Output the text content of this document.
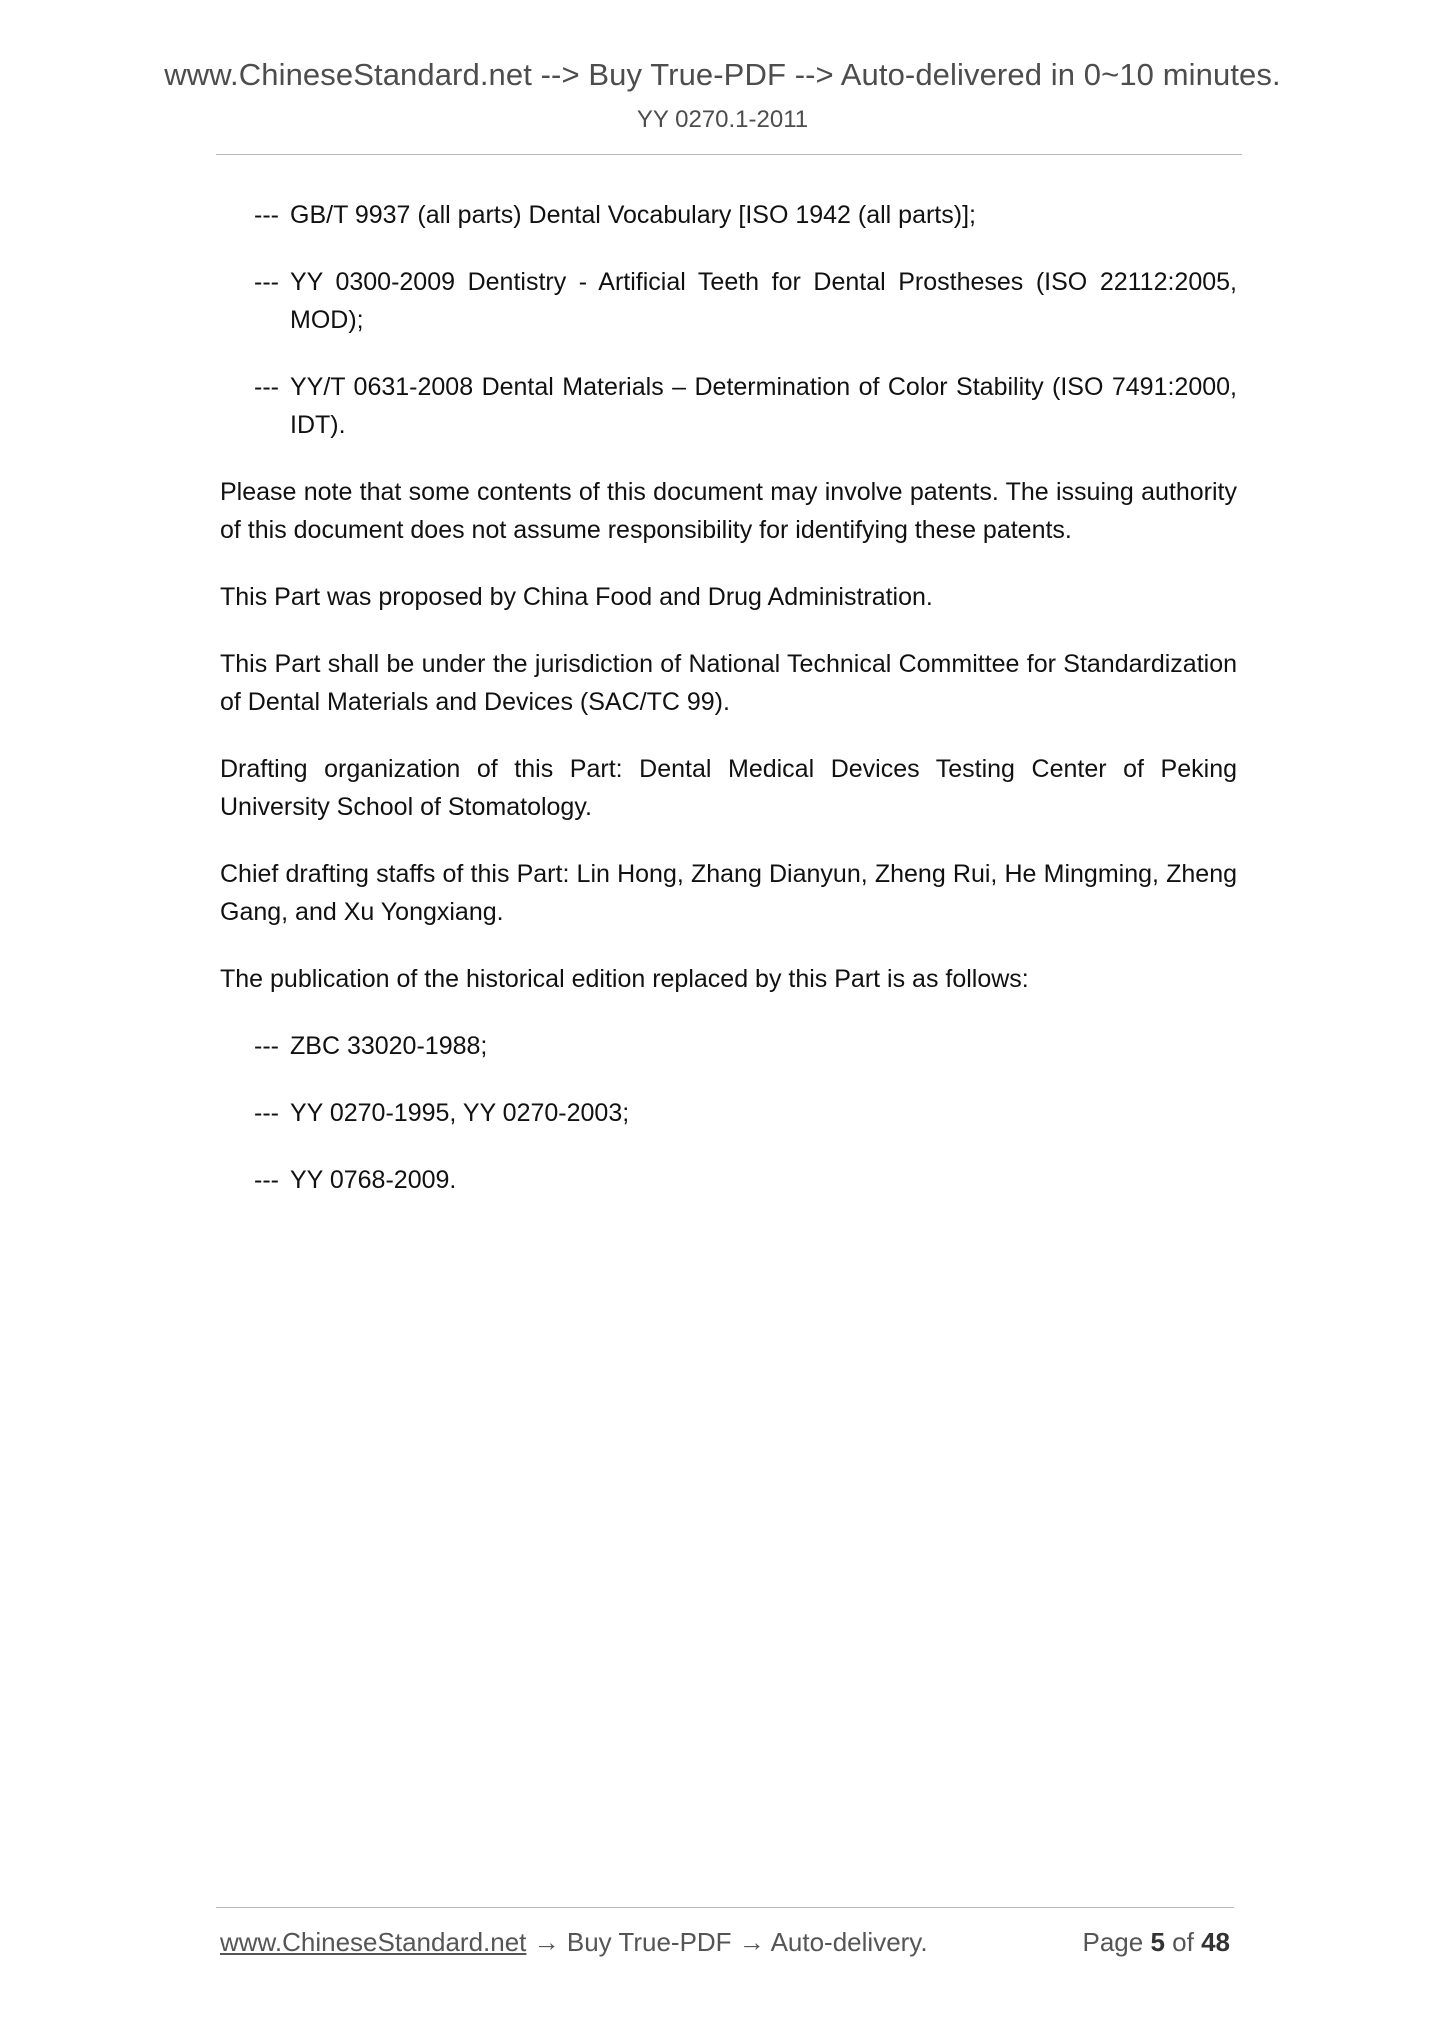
www.ChineseStandard.net --> Buy True-PDF --> Auto-delivered in 0~10 minutes.
YY 0270.1-2011
--- GB/T 9937 (all parts) Dental Vocabulary [ISO 1942 (all parts)];
--- YY 0300-2009 Dentistry - Artificial Teeth for Dental Prostheses (ISO 22112:2005, MOD);
--- YY/T 0631-2008 Dental Materials – Determination of Color Stability (ISO 7491:2000, IDT).

Please note that some contents of this document may involve patents. The issuing authority of this document does not assume responsibility for identifying these patents.

This Part was proposed by China Food and Drug Administration.

This Part shall be under the jurisdiction of National Technical Committee for Standardization of Dental Materials and Devices (SAC/TC 99).

Drafting organization of this Part: Dental Medical Devices Testing Center of Peking University School of Stomatology.

Chief drafting staffs of this Part: Lin Hong, Zhang Dianyun, Zheng Rui, He Mingming, Zheng Gang, and Xu Yongxiang.

The publication of the historical edition replaced by this Part is as follows:

--- ZBC 33020-1988;
--- YY 0270-1995, YY 0270-2003;
--- YY 0768-2009.
www.ChineseStandard.net → Buy True-PDF → Auto-delivery.	Page 5 of 48
